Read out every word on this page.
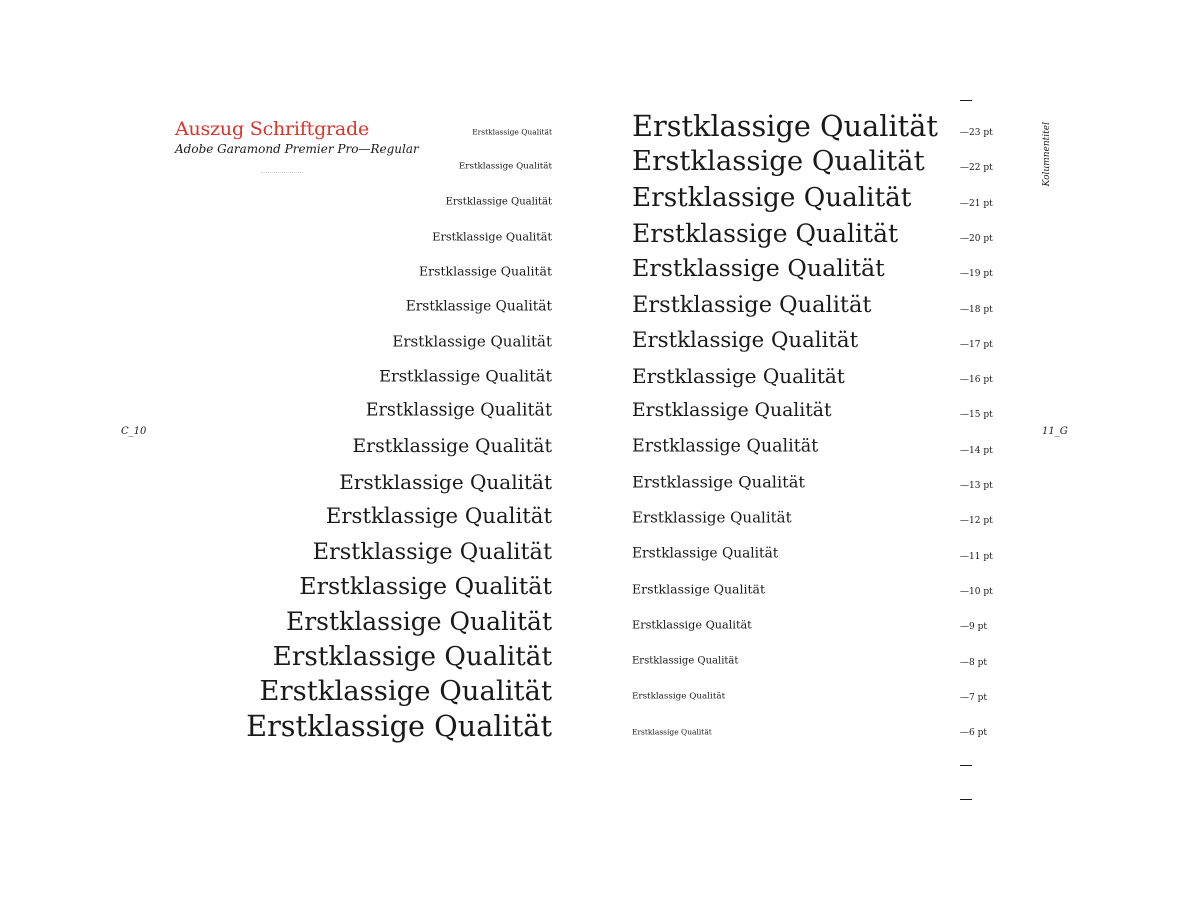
Auszug Schriftgrade
Adobe Garamond Premier Pro—Regular
Erstklassige Qualität
Erstklassige Qualität
Erstklassige Qualität
Erstklassige Qualität
Erstklassige Qualität
Erstklassige Qualität
Erstklassige Qualität
Erstklassige Qualität
Erstklassige Qualität
Erstklassige Qualität
Erstklassige Qualität
Erstklassige Qualität
Erstklassige Qualität
Erstklassige Qualität
Erstklassige Qualität
Erstklassige Qualität
Erstklassige Qualität
Erstklassige Qualität
Erstklassige Qualität
Erstklassige Qualität
Erstklassige Qualität
Erstklassige Qualität
Erstklassige Qualität
Erstklassige Qualität
Erstklassige Qualität
Erstklassige Qualität
Erstklassige Qualität
Erstklassige Qualität
Erstklassige Qualität
Erstklassige Qualität
Erstklassige Qualität
Erstklassige Qualität
Erstklassige Qualität
Erstklassige Qualität
Erstklassige Qualität
Erstklassige Qualität
—23 pt
—22 pt
—21 pt
—20 pt
—19 pt
—18 pt
—17 pt
—16 pt
—15 pt
—14 pt
—13 pt
—12 pt
—11 pt
—10 pt
—9 pt
—8 pt
—7 pt
—6 pt
C_10	11_G
Kolumnentitel
